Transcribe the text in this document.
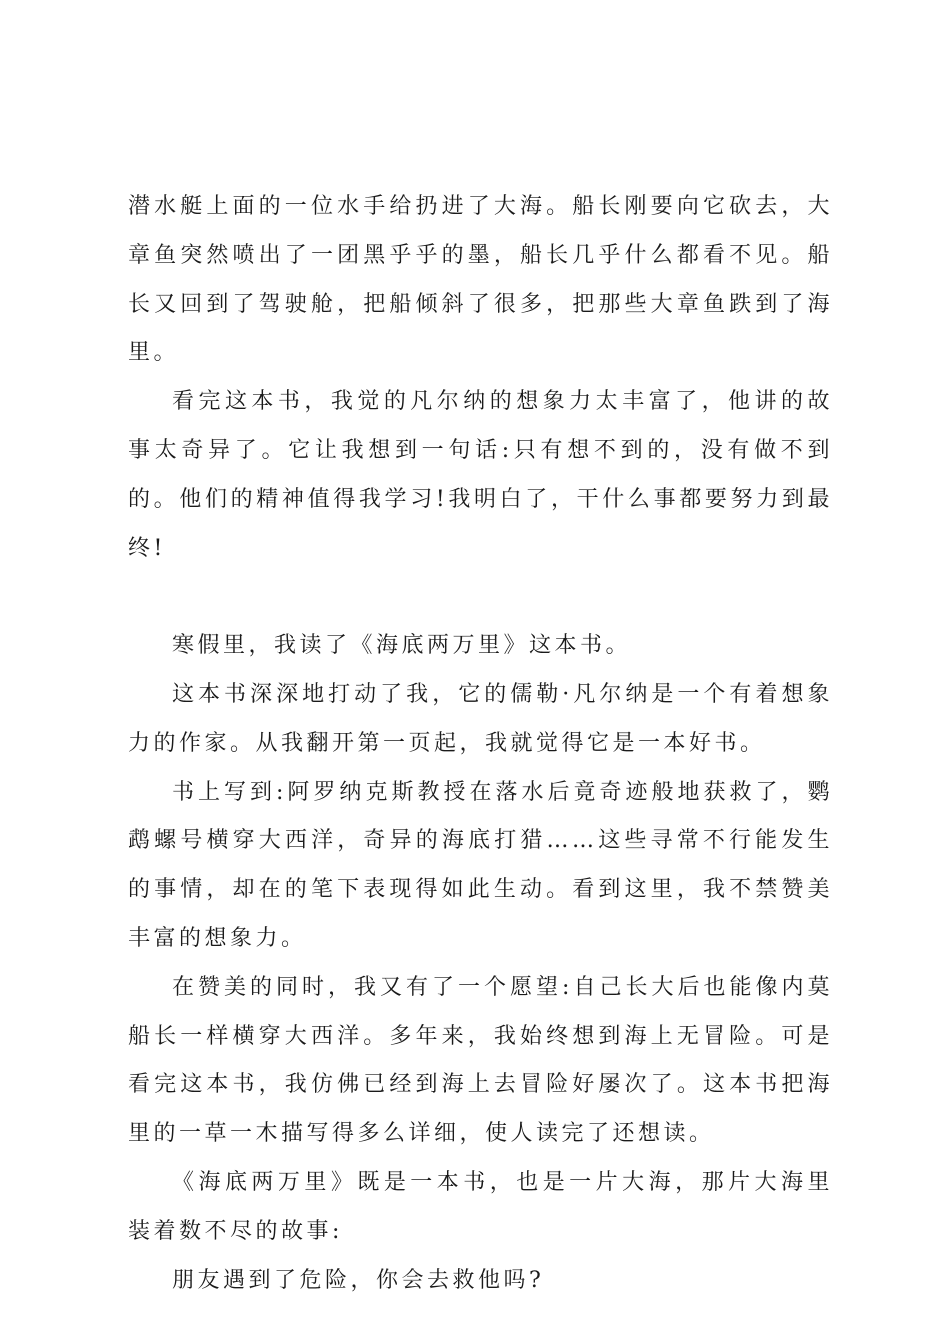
潜水艇上面的一位水手给扔进了大海。船长刚要向它砍去，大章鱼突然喷出了一团黑乎乎的墨，船长几乎什么都看不见。船长又回到了驾驶舱，把船倾斜了很多，把那些大章鱼跌到了海里。

看完这本书，我觉的凡尔纳的想象力太丰富了，他讲的故事太奇异了。它让我想到一句话:只有想不到的，没有做不到的。他们的精神值得我学习!我明白了，干什么事都要努力到最终!

寒假里，我读了《海底两万里》这本书。

这本书深深地打动了我，它的儒勒·凡尔纳是一个有着想象力的作家。从我翻开第一页起，我就觉得它是一本好书。

书上写到:阿罗纳克斯教授在落水后竟奇迹般地获救了，鹦鹉螺号横穿大西洋，奇异的海底打猎……这些寻常不行能发生的事情，却在的笔下表现得如此生动。看到这里，我不禁赞美丰富的想象力。

在赞美的同时，我又有了一个愿望:自己长大后也能像内莫船长一样横穿大西洋。多年来，我始终想到海上无冒险。可是看完这本书，我仿佛已经到海上去冒险好屡次了。这本书把海里的一草一木描写得多么详细，使人读完了还想读。

《海底两万里》既是一本书，也是一片大海，那片大海里装着数不尽的故事:

朋友遇到了危险，你会去救他吗?
